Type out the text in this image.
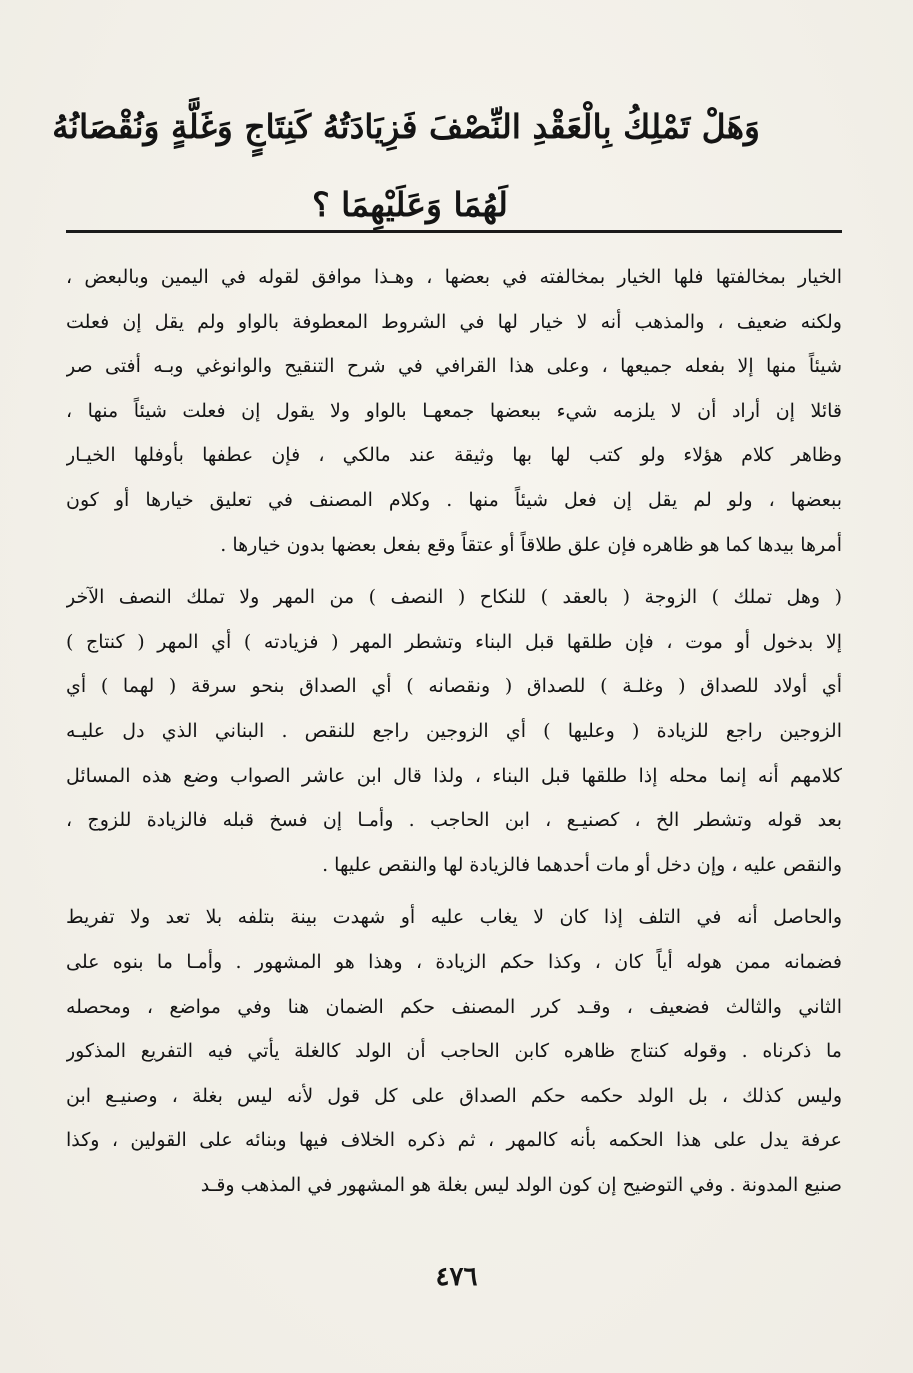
وَهَلْ تَمْلِكُ بِالْعَقْدِ النِّصْفَ فَزِيَادَتُهُ كَنِتَاجٍ وَغَلَّةٍ وَنُقْصَانُهُ
لَهُمَا وَعَلَيْهِمَا ؟
الخيار بمخالفتها فلها الخيار بمخالفته في بعضها ، وهـذا موافق لقوله في اليمين وبالبعض ،
ولكنه ضعيف ، والمذهب أنه لا خيار لها في الشروط المعطوفة بالواو ولم يقل إن فعلت
شيئاً منها إلا بفعله جميعها ، وعلى هذا القرافي في شرح التنقيح والوانوغي وبـه أفتى صر
قائلا إن أراد أن لا يلزمه شيء ببعضها جمعهـا بالواو ولا يقول إن فعلت شيئاً منها ،
وظاهر كلام هؤلاء ولو كتب لها بها وثيقة عند مالكي ، فإن عطفها بأوفلها الخيـار
ببعضها ، ولو لم يقل إن فعل شيئاً منها . وكلام المصنف في تعليق خيارها أو كون
أمرها بيدها كما هو ظاهره فإن علق طلاقاً أو عتقاً وقع بفعل بعضها بدون خيارها .
( وهل تملك ) الزوجة ( بالعقد ) للنكاح ( النصف ) من المهر ولا تملك النصف الآخر
إلا بدخول أو موت ، فإن طلقها قبل البناء وتشطر المهر ( فزيادته ) أي المهر ( كنتاج )
أي أولاد للصداق ( وغلـة ) للصداق ( ونقصانه ) أي الصداق بنحو سرقة ( لهما ) أي
الزوجين راجع للزيادة ( وعليها ) أي الزوجين راجع للنقص . البناني الذي دل عليـه
كلامهم أنه إنما محله إذا طلقها قبل البناء ، ولذا قال ابن عاشر الصواب وضع هذه المسائل
بعد قوله وتشطر الخ ، كصنيـع ، ابن الحاجب . وأمـا إن فسخ قبله فالزيادة للزوج ،
والنقص عليه ، وإن دخل أو مات أحدهما فالزيادة لها والنقص عليها .
والحاصل أنه في التلف إذا كان لا يغاب عليه أو شهدت بينة بتلفه بلا تعد ولا تفريط
فضمانه ممن هوله أياً كان ، وكذا حكم الزيادة ، وهذا هو المشهور . وأمـا ما بنوه على
الثاني والثالث فضعيف ، وقـد كرر المصنف حكم الضمان هنا وفي مواضع ، ومحصله
ما ذكرناه . وقوله كنتاج ظاهره كابن الحاجب أن الولد كالغلة يأتي فيه التفريع المذكور
وليس كذلك ، بل الولد حكمه حكم الصداق على كل قول لأنه ليس بغلة ، وصنيـع ابن
عرفة يدل على هذا الحكمه بأنه كالمهر ، ثم ذكره الخلاف فيها وبنائه على القولين ، وكذا
صنيع المدونة . وفي التوضيح إن كون الولد ليس بغلة هو المشهور في المذهب وقـد
٤٧٦
